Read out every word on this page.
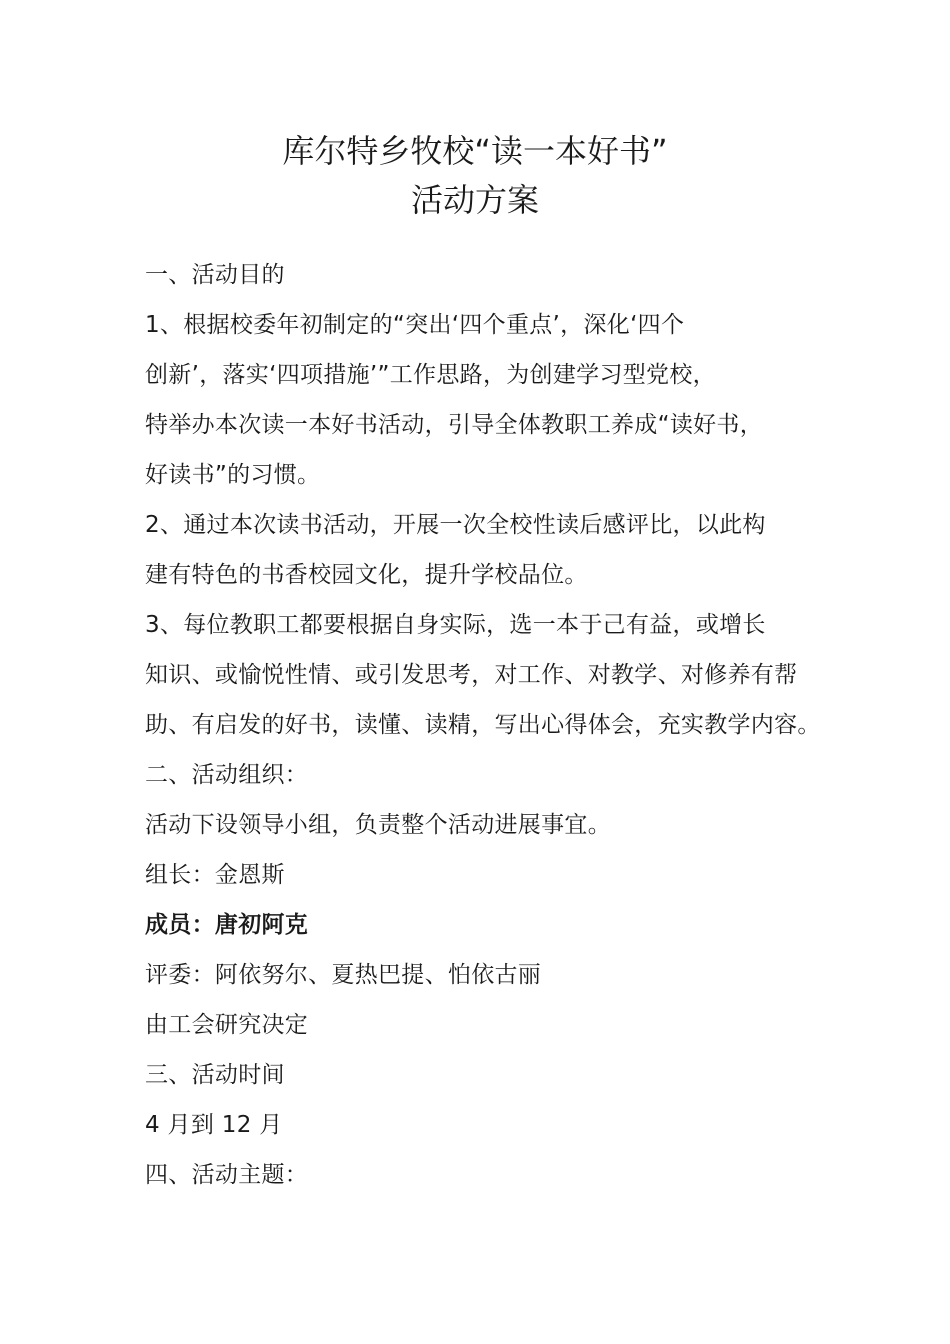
库尔特乡牧校“读一本好书”
活动方案

一、活动目的

1、根据校委年初制定的“突出‘四个重点’，深化‘四个

创新’，落实‘四项措施’”工作思路，为创建学习型党校，

特举办本次读一本好书活动，引导全体教职工养成“读好书，

好读书”的习惯。

2、通过本次读书活动，开展一次全校性读后感评比，以此构

建有特色的书香校园文化，提升学校品位。

3、每位教职工都要根据自身实际，选一本于己有益，或增长

知识、或愉悦性情、或引发思考，对工作、对教学、对修养有帮

助、有启发的好书，读懂、读精，写出心得体会，充实教学内容。

二、活动组织：

活动下设领导小组，负责整个活动进展事宜。

组长：金恩斯

成员：唐初阿克

评委：阿依努尔、夏热巴提、怕依古丽

由工会研究决定

三、活动时间

4 月到 12 月

四、活动主题：
